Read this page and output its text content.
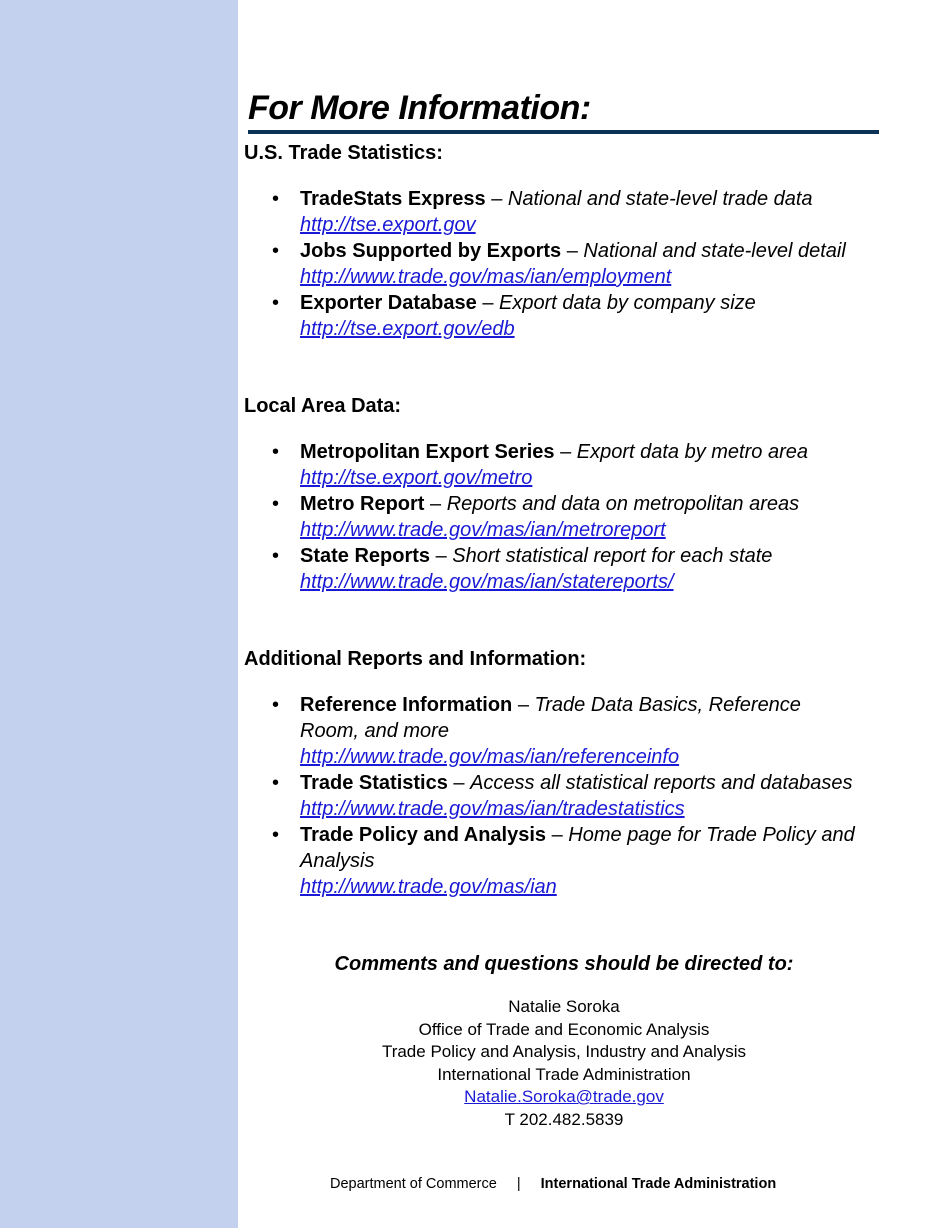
For More Information:
U.S. Trade Statistics:
• TradeStats Express – National and state-level trade data
http://tse.export.gov
• Jobs Supported by Exports – National and state-level detail
http://www.trade.gov/mas/ian/employment
• Exporter Database – Export data by company size
http://tse.export.gov/edb
Local Area Data:
• Metropolitan Export Series – Export data by metro area
http://tse.export.gov/metro
• Metro Report – Reports and data on metropolitan areas
http://www.trade.gov/mas/ian/metroreport
• State Reports – Short statistical report for each state
http://www.trade.gov/mas/ian/statereports/
Additional Reports and Information:
• Reference Information – Trade Data Basics, Reference Room, and more
http://www.trade.gov/mas/ian/referenceinfo
• Trade Statistics – Access all statistical reports and databases
http://www.trade.gov/mas/ian/tradestatistics
• Trade Policy and Analysis – Home page for Trade Policy and Analysis
http://www.trade.gov/mas/ian
Comments and questions should be directed to:
Natalie Soroka
Office of Trade and Economic Analysis
Trade Policy and Analysis, Industry and Analysis
International Trade Administration
Natalie.Soroka@trade.gov
T 202.482.5839
Department of Commerce | International Trade Administration
